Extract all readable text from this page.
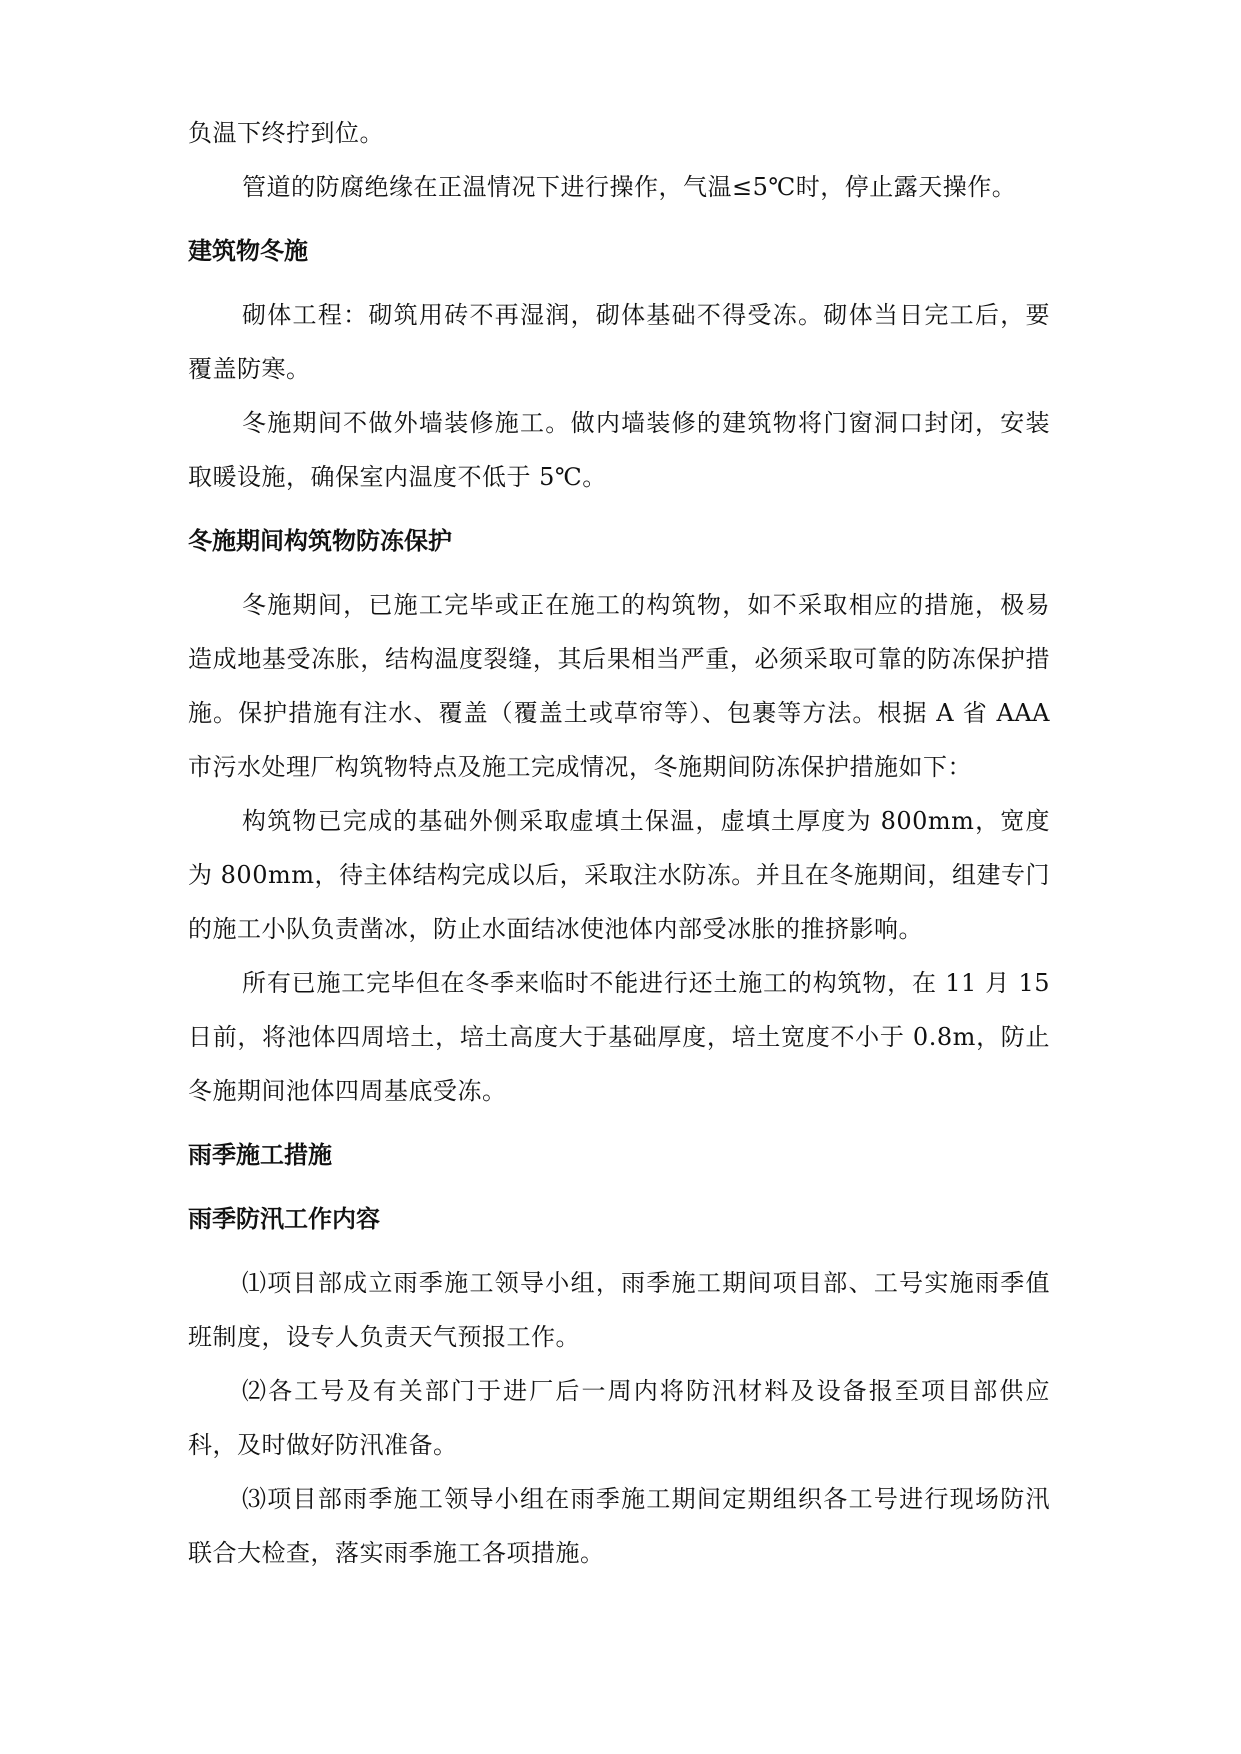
负温下终拧到位。

管道的防腐绝缘在正温情况下进行操作，气温≤5℃时，停止露天操作。

建筑物冬施

砌体工程：砌筑用砖不再湿润，砌体基础不得受冻。砌体当日完工后，要覆盖防寒。

冬施期间不做外墙装修施工。做内墙装修的建筑物将门窗洞口封闭，安装取暖设施，确保室内温度不低于 5℃。

冬施期间构筑物防冻保护

冬施期间，已施工完毕或正在施工的构筑物，如不采取相应的措施，极易造成地基受冻胀，结构温度裂缝，其后果相当严重，必须采取可靠的防冻保护措施。保护措施有注水、覆盖（覆盖土或草帘等）、包裹等方法。根据 A 省 AAA 市污水处理厂构筑物特点及施工完成情况，冬施期间防冻保护措施如下：

构筑物已完成的基础外侧采取虚填土保温，虚填土厚度为 800mm，宽度为 800mm，待主体结构完成以后，采取注水防冻。并且在冬施期间，组建专门的施工小队负责凿冰，防止水面结冰使池体内部受冰胀的推挤影响。

所有已施工完毕但在冬季来临时不能进行还土施工的构筑物，在 11 月 15 日前，将池体四周培土，培土高度大于基础厚度，培土宽度不小于 0.8m，防止冬施期间池体四周基底受冻。

雨季施工措施
雨季防汛工作内容

⑴项目部成立雨季施工领导小组，雨季施工期间项目部、工号实施雨季值班制度，设专人负责天气预报工作。

⑵各工号及有关部门于进厂后一周内将防汛材料及设备报至项目部供应科，及时做好防汛准备。

⑶项目部雨季施工领导小组在雨季施工期间定期组织各工号进行现场防汛联合大检查，落实雨季施工各项措施。
